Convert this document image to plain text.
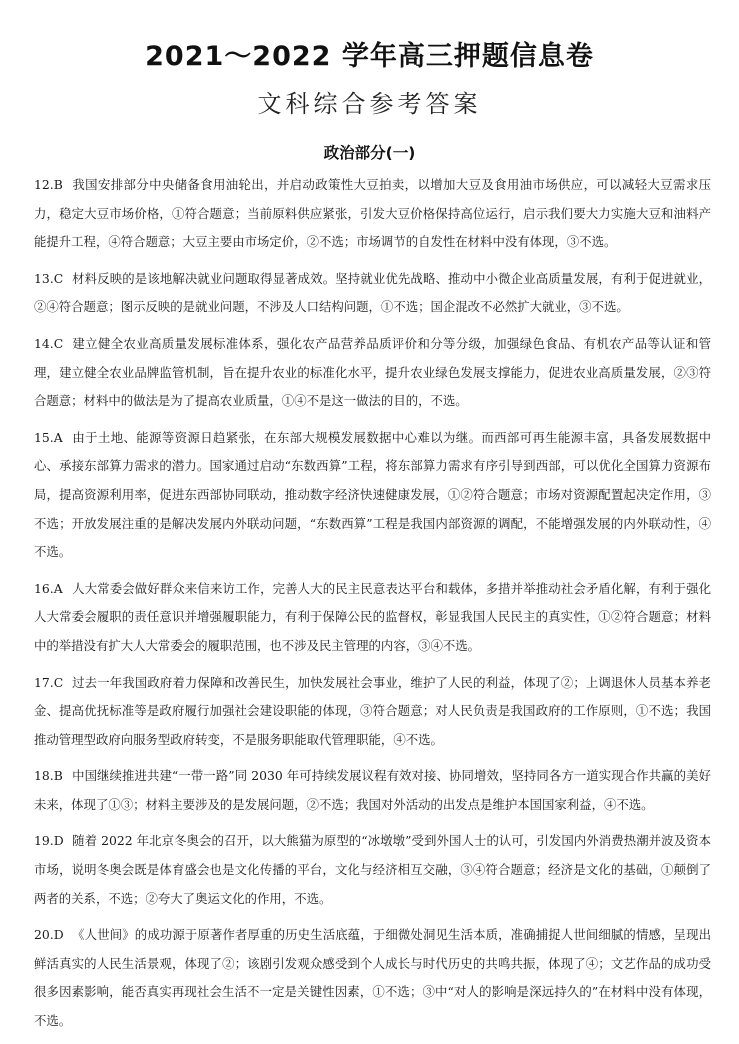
2021～2022 学年高三押题信息卷
文科综合参考答案
政治部分(一)
12.B 我国安排部分中央储备食用油轮出，并启动政策性大豆拍卖，以增加大豆及食用油市场供应，可以减轻大豆需求压力，稳定大豆市场价格，①符合题意；当前原料供应紧张，引发大豆价格保持高位运行，启示我们要大力实施大豆和油料产能提升工程，④符合题意；大豆主要由市场定价，②不选；市场调节的自发性在材料中没有体现，③不选。
13.C 材料反映的是该地解决就业问题取得显著成效。坚持就业优先战略、推动中小微企业高质量发展，有利于促进就业，②④符合题意；图示反映的是就业问题，不涉及人口结构问题，①不选；国企混改不必然扩大就业，③不选。
14.C 建立健全农业高质量发展标准体系，强化农产品营养品质评价和分等分级，加强绿色食品、有机农产品等认证和管理，建立健全农业品牌监管机制，旨在提升农业的标准化水平，提升农业绿色发展支撑能力，促进农业高质量发展，②③符合题意；材料中的做法是为了提高农业质量，①④不是这一做法的目的，不选。
15.A 由于土地、能源等资源日趋紧张，在东部大规模发展数据中心难以为继。而西部可再生能源丰富，具备发展数据中心、承接东部算力需求的潜力。国家通过启动“东数西算”工程，将东部算力需求有序引导到西部，可以优化全国算力资源布局，提高资源利用率，促进东西部协同联动，推动数字经济快速健康发展，①②符合题意；市场对资源配置起决定作用，③不选；开放发展注重的是解决发展内外联动问题，“东数西算”工程是我国内部资源的调配，不能增强发展的内外联动性，④不选。
16.A 人大常委会做好群众来信来访工作，完善人大的民主民意表达平台和载体，多措并举推动社会矛盾化解，有利于强化人大常委会履职的责任意识并增强履职能力，有利于保障公民的监督权，彰显我国人民民主的真实性，①②符合题意；材料中的举措没有扩大人大常委会的履职范围，也不涉及民主管理的内容，③④不选。
17.C 过去一年我国政府着力保障和改善民生，加快发展社会事业，维护了人民的利益，体现了②；上调退休人员基本养老金、提高优抚标准等是政府履行加强社会建设职能的体现，③符合题意；对人民负责是我国政府的工作原则，①不选；我国推动管理型政府向服务型政府转变，不是服务职能取代管理职能，④不选。
18.B 中国继续推进共建“一带一路”同 2030 年可持续发展议程有效对接、协同增效，坚持同各方一道实现合作共赢的美好未来，体现了①③；材料主要涉及的是发展问题，②不选；我国对外活动的出发点是维护本国国家利益，④不选。
19.D 随着 2022 年北京冬奥会的召开，以大熊猫为原型的“冰墩墩”受到外国人士的认可，引发国内外消费热潮并波及资本市场，说明冬奥会既是体育盛会也是文化传播的平台，文化与经济相互交融，③④符合题意；经济是文化的基础，①颠倒了两者的关系，不选；②夸大了奥运文化的作用，不选。
20.D 《人世间》的成功源于原著作者厚重的历史生活底蕴，于细微处洞见生活本质，准确捕捉人世间细腻的情感，呈现出鲜活真实的人民生活景观，体现了②；该剧引发观众感受到个人成长与时代历史的共鸣共振，体现了④；文艺作品的成功受很多因素影响，能否真实再现社会生活不一定是关键性因素，①不选；③中“对人的影响是深远持久的”在材料中没有体现，不选。
